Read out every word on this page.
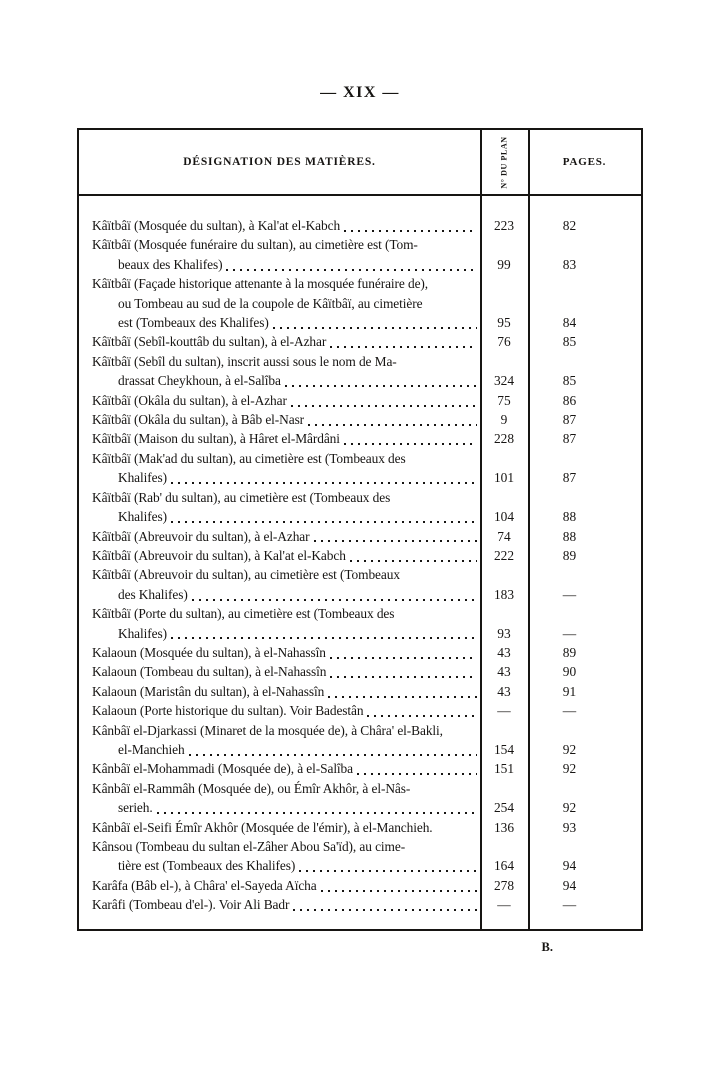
— XIX —
DÉSIGNATION DES MATIÈRES.	N° DU PLAN	PAGES.
Kâïtbâï (Mosquée du sultan), à Kal'at el-Kabch	223	82
Kâïtbâï (Mosquée funéraire du sultan), au cimetière est (Tom-
beaux des Khalifes)	99	83
Kâïtbâï (Façade historique attenante à la mosquée funéraire de),
ou Tombeau au sud de la coupole de Kâïtbâï, au cimetière
est (Tombeaux des Khalifes)	95	84
Kâïtbâï (Sebîl-kouttâb du sultan), à el-Azhar	76	85
Kâïtbâï (Sebîl du sultan), inscrit aussi sous le nom de Ma-
drassat Cheykhoun, à el-Salîba	324	85
Kâïtbâï (Okâla du sultan), à el-Azhar	75	86
Kâïtbâï (Okâla du sultan), à Bâb el-Nasr	9	87
Kâïtbâï (Maison du sultan), à Hâret el-Mârdâni	228	87
Kâïtbâï (Mak'ad du sultan), au cimetière est (Tombeaux des
Khalifes)	101	87
Kâïtbâï (Rab' du sultan), au cimetière est (Tombeaux des
Khalifes)	104	88
Kâïtbâï (Abreuvoir du sultan), à el-Azhar	74	88
Kâïtbâï (Abreuvoir du sultan), à Kal'at el-Kabch	222	89
Kâïtbâï (Abreuvoir du sultan), au cimetière est (Tombeaux
des Khalifes)	183	—
Kâïtbâï (Porte du sultan), au cimetière est (Tombeaux des
Khalifes)	93	—
Kalaoun (Mosquée du sultan), à el-Nahassîn	43	89
Kalaoun (Tombeau du sultan), à el-Nahassîn	43	90
Kalaoun (Maristân du sultan), à el-Nahassîn	43	91
Kalaoun (Porte historique du sultan). Voir Badestân	—	—
Kânbâï el-Djarkassi (Minaret de la mosquée de), à Châra' el-Bakli,
el-Manchieh	154	92
Kânbâï el-Mohammadi (Mosquée de), à el-Salîba	151	92
Kânbâï el-Rammâh (Mosquée de), ou Émîr Akhôr, à el-Nâs-
serieh.	254	92
Kânbâï el-Seifi Émîr Akhôr (Mosquée de l'émir), à el-Manchieh.	136	93
Kânsou (Tombeau du sultan el-Zâher Abou Sa'ïd), au cime-
tière est (Tombeaux des Khalifes)	164	94
Karâfa (Bâb el-), à Châra' el-Sayeda Aïcha	278	94
Karâfi (Tombeau d'el-). Voir Ali Badr	—	—
B.
